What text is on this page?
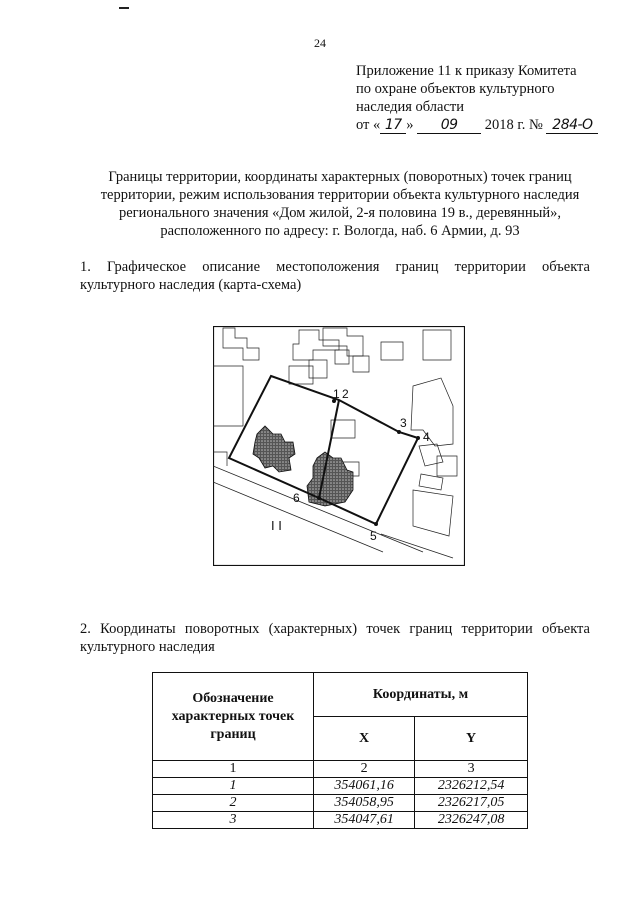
24
Приложение 11 к приказу Комитета
по охране объектов культурного
наследия области
от « 17 » 09 2018 г. № 284-О
Границы территории, координаты характерных (поворотных) точек границ
территории, режим использования территории объекта культурного наследия
регионального значения «Дом жилой, 2-я половина 19 в., деревянный»,
расположенного по адресу: г. Вологда, наб. 6 Армии, д. 93
1. Графическое описание местоположения границ территории объекта
культурного наследия (карта-схема)
1 2
3
4
5
6
I I
2. Координаты поворотных (характерных) точек границ территории объекта
культурного наследия
Обозначение характерных точек границ	Координаты, м	
	X	Y
1	2	3
1	354061,16	2326212,54
2	354058,95	2326217,05
3	354047,61	2326247,08
